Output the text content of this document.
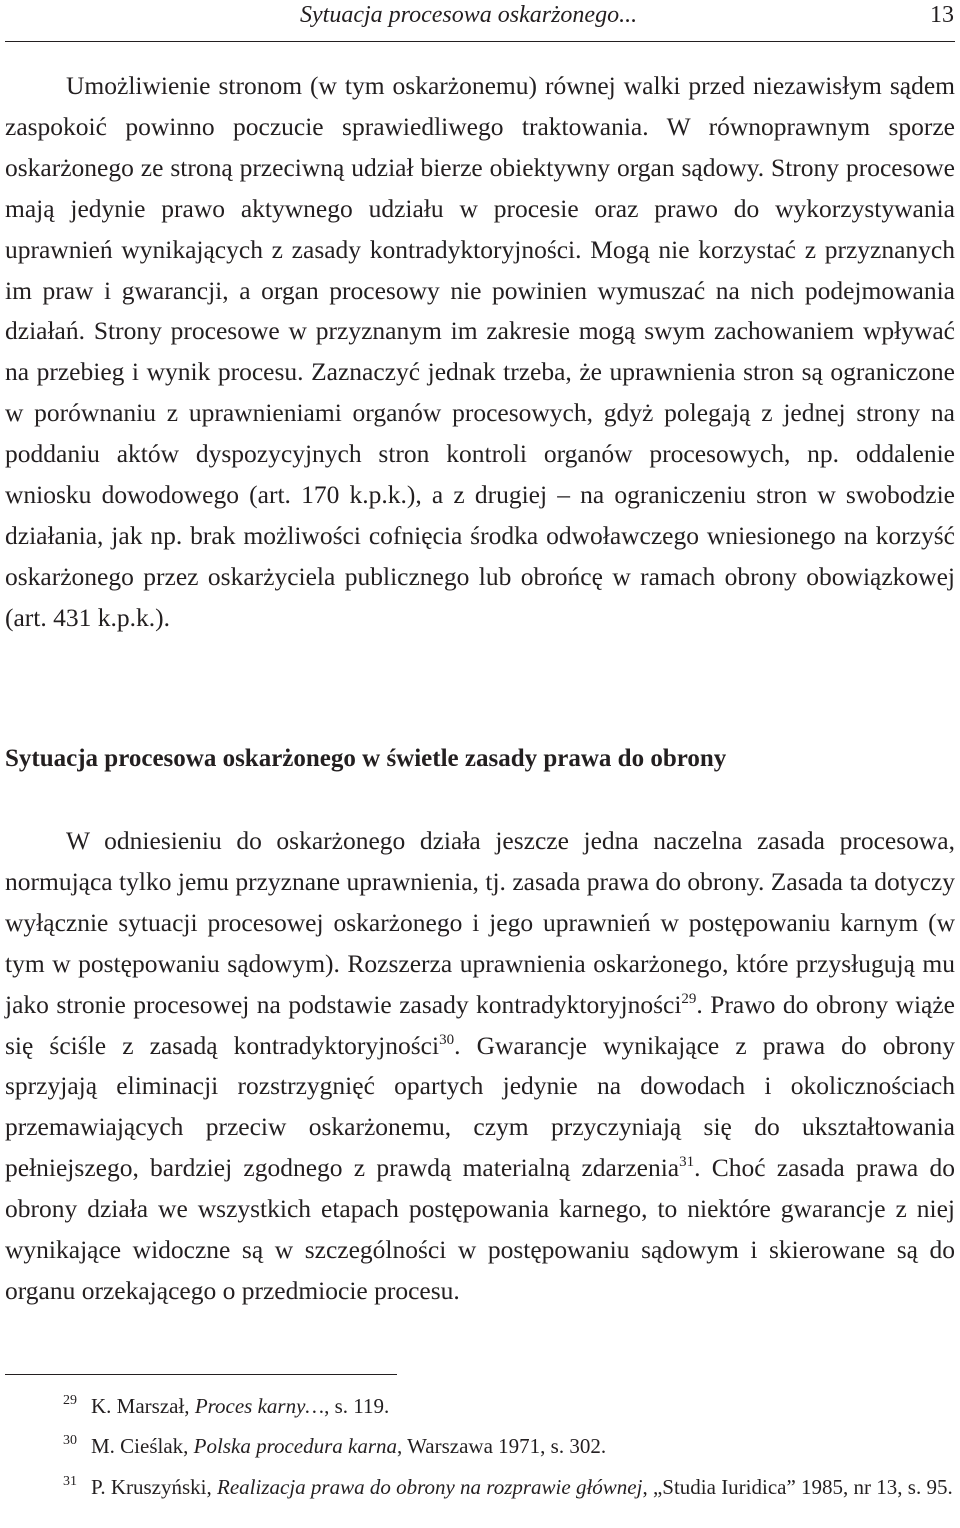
Sytuacja procesowa oskarżonego...	13

Umożliwienie stronom (w tym oskarżonemu) równej walki przed niezawisłym sądem zaspokoić powinno poczucie sprawiedliwego traktowania. W równoprawnym sporze oskarżonego ze stroną przeciwną udział bierze obiektywny organ sądowy. Strony procesowe mają jedynie prawo aktywnego udziału w procesie oraz prawo do wykorzystywania uprawnień wynikających z zasady kontradyktoryjności. Mogą nie korzystać z przyznanych im praw i gwarancji, a organ procesowy nie powinien wymuszać na nich podejmowania działań. Strony procesowe w przyznanym im zakresie mogą swym zachowaniem wpływać na przebieg i wynik procesu. Zaznaczyć jednak trzeba, że uprawnienia stron są ograniczone w porównaniu z uprawnieniami organów procesowych, gdyż polegają z jednej strony na poddaniu aktów dyspozycyjnych stron kontroli organów procesowych, np. oddalenie wniosku dowodowego (art. 170 k.p.k.), a z drugiej – na ograniczeniu stron w swobodzie działania, jak np. brak możliwości cofnięcia środka odwoławczego wniesionego na korzyść oskarżonego przez oskarżyciela publicznego lub obrońcę w ramach obrony obowiązkowej (art. 431 k.p.k.).

Sytuacja procesowa oskarżonego w świetle zasady prawa do obrony

W odniesieniu do oskarżonego działa jeszcze jedna naczelna zasada procesowa, normująca tylko jemu przyznane uprawnienia, tj. zasada prawa do obrony. Zasada ta dotyczy wyłącznie sytuacji procesowej oskarżonego i jego uprawnień w postępowaniu karnym (w tym w postępowaniu sądowym). Rozszerza uprawnienia oskarżonego, które przysługują mu jako stronie procesowej na podstawie zasady kontradyktoryjności$^{29}$. Prawo do obrony wiąże się ściśle z zasadą kontradyktoryjności$^{30}$. Gwarancje wynikające z prawa do obrony sprzyjają eliminacji rozstrzygnięć opartych jedynie na dowodach i okolicznościach przemawiających przeciw oskarżonemu, czym przyczyniają się do ukształtowania pełniejszego, bardziej zgodnego z prawdą materialną zdarzenia$^{31}$. Choć zasada prawa do obrony działa we wszystkich etapach postępowania karnego, to niektóre gwarancje z niej wynikające widoczne są w szczególności w postępowaniu sądowym i skierowane są do organu orzekającego o przedmiocie procesu.

29 K. Marszał, Proces karny…, s. 119.

30 M. Cieślak, Polska procedura karna, Warszawa 1971, s. 302.

31 P. Kruszyński, Realizacja prawa do obrony na rozprawie głównej, „Studia Iuridica” 1985, nr 13, s. 95.
